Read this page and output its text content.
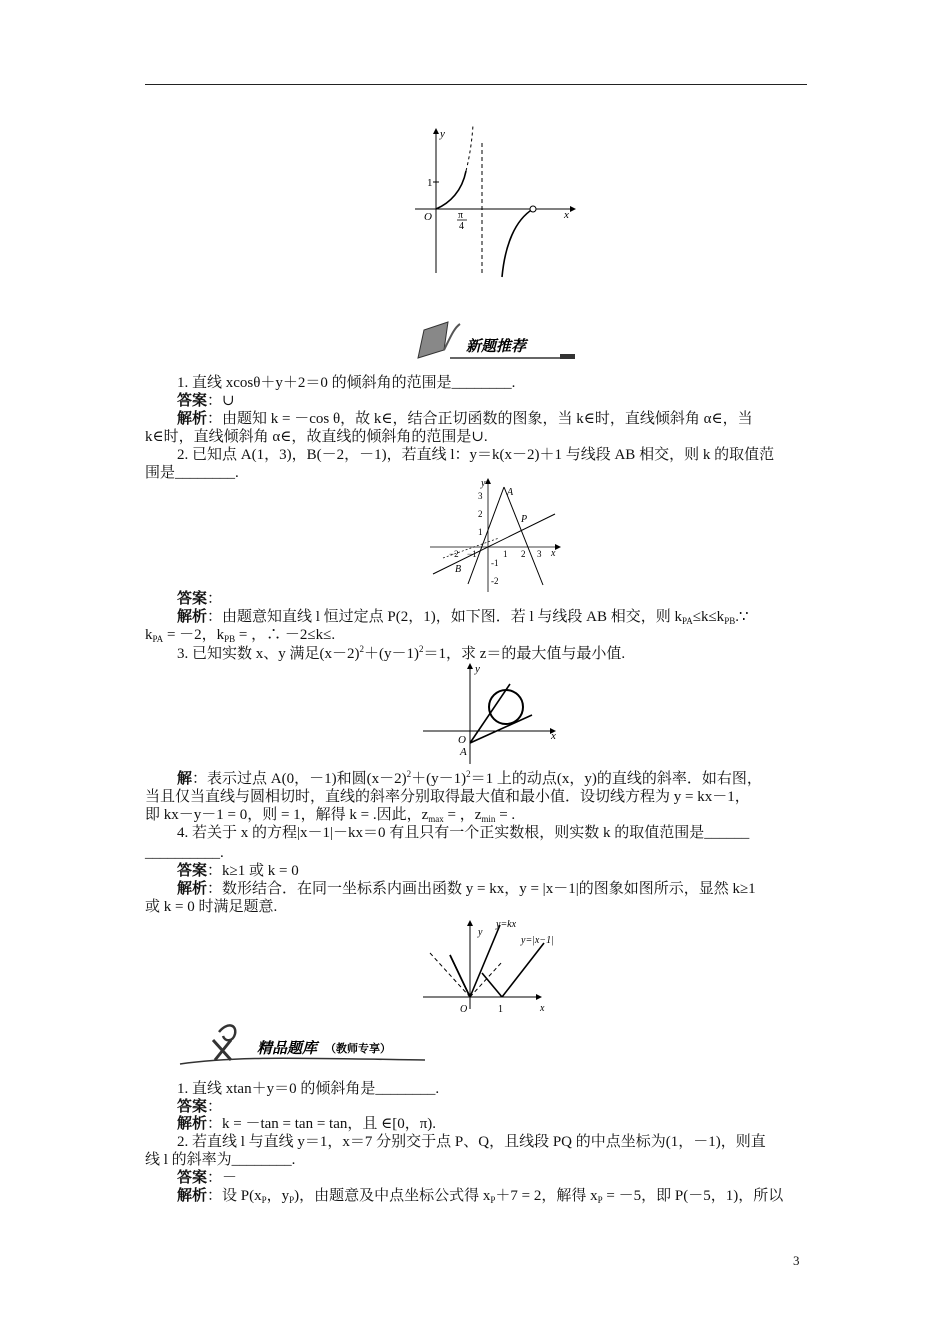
y
x
O
1
π
4
新题推荐
1. 直线 xcosθ＋y＋2＝0 的倾斜角的范围是________.
答案：∪
解析：由题知 k = －cos θ，故 k∈，结合正切函数的图象，当 k∈时，直线倾斜角 α∈，当
k∈时，直线倾斜角 α∈，故直线的倾斜角的范围是∪.
2. 已知点 A(1，3)，B(－2，－1)，若直线 l：y＝k(x－2)＋1 与线段 AB 相交，则 k 的取值范
围是________.
3
2
1
-1
-2
−2 −1	1 2 3
A
B
P
y
x
答案：
解析：由题意知直线 l 恒过定点 P(2，1)，如下图．若 l 与线段 AB 相交，则 $k_{PA}\le k\le k_{PB}.\because$
$k_{PA} = -2$，$k_{PB}$ = ，∴ －2≤k≤.
3. 已知实数 x、y 满足$(x-2)^2+(y-1)^2=1$，求 z＝的最大值与最小值.
y
x
O
A
解：表示过点 A(0，－1)和圆$(x-2)^2+(y-1)^2=1$ 上的动点(x，y)的直线的斜率．如右图，
当且仅当直线与圆相切时，直线的斜率分别取得最大值和最小值．设切线方程为 y = kx－1，
即 kx－y－1 = 0，则 = 1，解得 k = .因此，$z_{max}$ = ，$z_{min}$ = .
4. 若关于 x 的方程|x－1|－kx＝0 有且只有一个正实数根，则实数 k 的取值范围是______
__________.
答案：k≥1 或 k = 0
解析：数形结合．在同一坐标系内画出函数 y = kx，y = |x－1|的图象如图所示，显然 k≥1
或 k = 0 时满足题意.
y
x
O	1
y=kx
y=|x−1|
精品题库 （教师专享）
1. 直线 xtan＋y＝0 的倾斜角是________.
答案：
解析：k = －tan = tan = tan，且 ∈[0，π).
2. 若直线 l 与直线 y＝1，x＝7 分别交于点 P、Q，且线段 PQ 的中点坐标为(1，－1)，则直
线 l 的斜率为________.
答案：－
解析：设 $P(x_P$，$y_P$)，由题意及中点坐标公式得 $x_P+7 = 2$，解得 $x_P = -5$，即 P(－5，1)，所以
3
